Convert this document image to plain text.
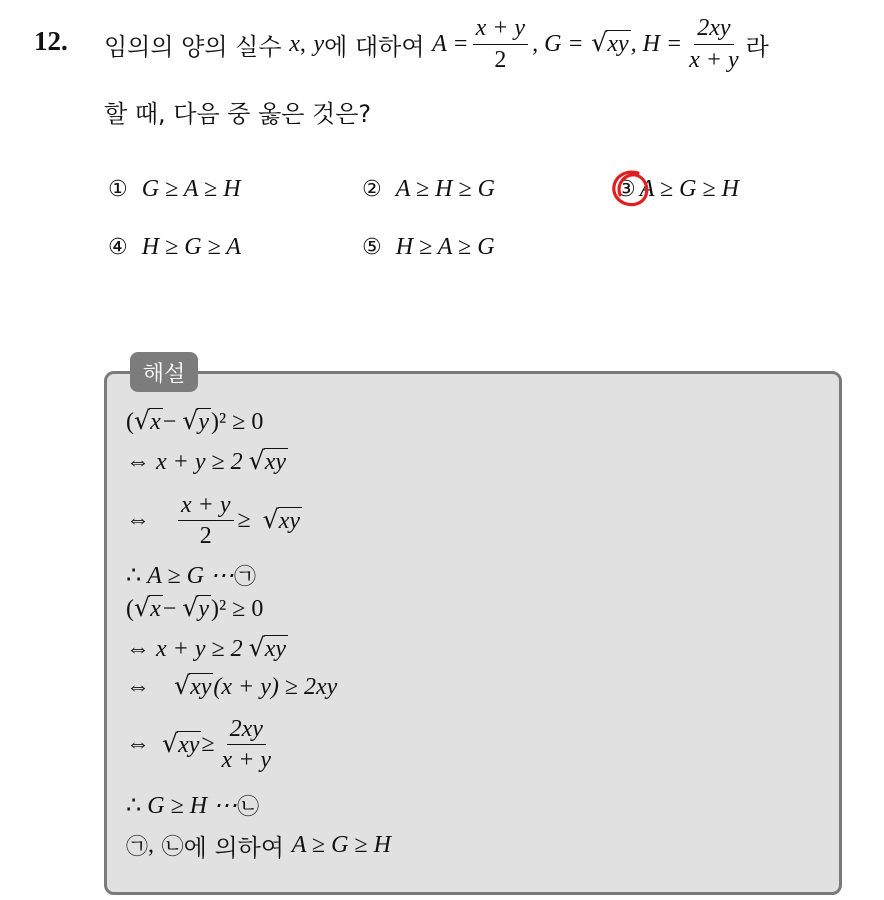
12. 임의의 양의 실수
x ,
y 에 대하여
$A = \frac{x + y}{2}$ , G =
√ xy , $H = \frac{2xy}{x + y}$ 라
할 때, 다음 중 옳은 것은?
① G ≥ A ≥ H	② A ≥ H ≥ G	③ A ≥ G ≥ H
④ H ≥ G ≥ A	⑤ H ≥ A ≥ G
해설
( √ x −
√ y )² ≥ 0
⇔
x + y ≥ 2
√ xy
⇔ $\frac{x + y}{2}$ ≥
√ xy
∴
A ≥ G ⋯ ㉠
( √ x −
√ y )² ≥ 0
⇔
x + y ≥ 2
√ xy
⇔ √ xy (x + y) ≥ 2xy
⇔ √ xy ≥ $\frac{2xy}{x + y}$
∴
G ≥ H ⋯ ㉡
㉠ ,
㉡ 에 의하여
A ≥ G ≥ H
